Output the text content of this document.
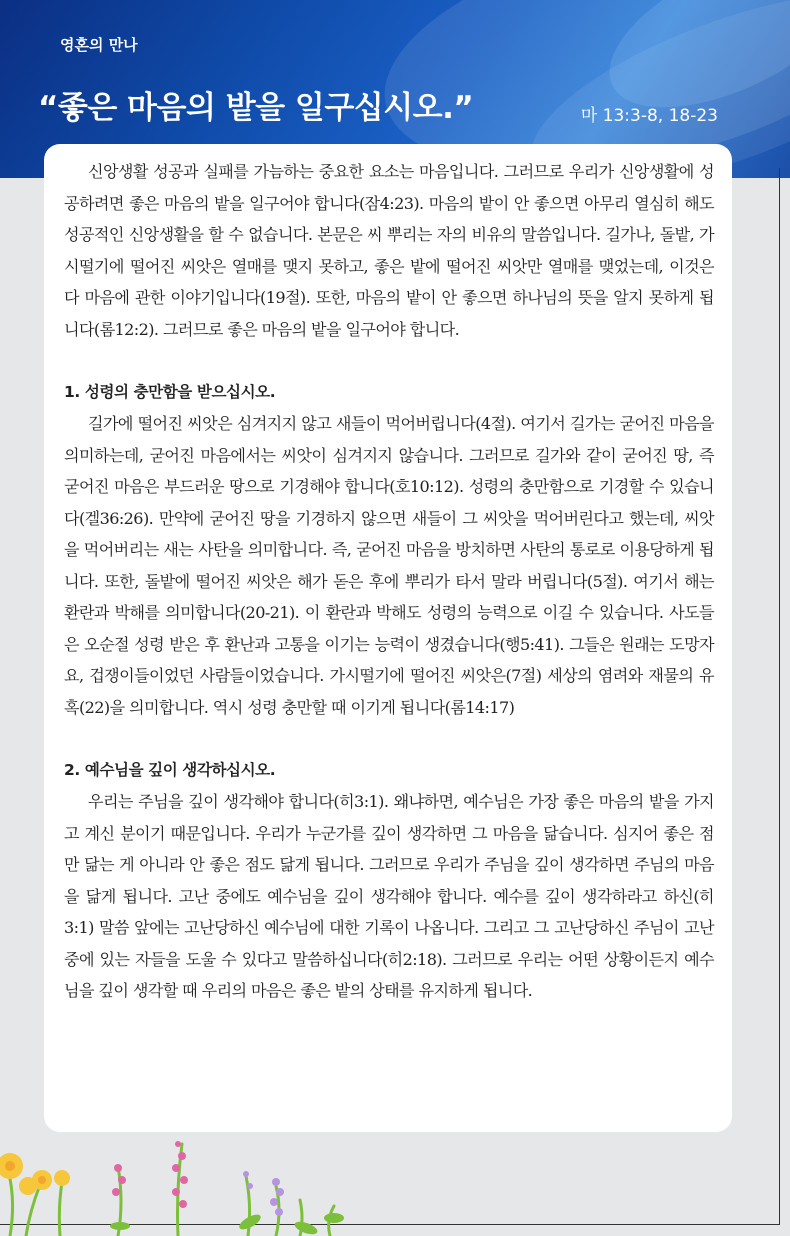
영혼의 만나
“좋은 마음의 밭을 일구십시오.”	마 13:3-8, 18-23

신앙생활 성공과 실패를 가늠하는 중요한 요소는 마음입니다. 그러므로 우리가 신앙생활에 성공하려면 좋은 마음의 밭을 일구어야 합니다(잠4:23). 마음의 밭이 안 좋으면 아무리 열심히 해도 성공적인 신앙생활을 할 수 없습니다. 본문은 씨 뿌리는 자의 비유의 말씀입니다. 길가나, 돌밭, 가시떨기에 떨어진 씨앗은 열매를 맺지 못하고, 좋은 밭에 떨어진 씨앗만 열매를 맺었는데, 이것은 다 마음에 관한 이야기입니다(19절). 또한, 마음의 밭이 안 좋으면 하나님의 뜻을 알지 못하게 됩니다(롬12:2). 그러므로 좋은 마음의 밭을 일구어야 합니다.

1. 성령의 충만함을 받으십시오.

길가에 떨어진 씨앗은 심겨지지 않고 새들이 먹어버립니다(4절). 여기서 길가는 굳어진 마음을 의미하는데, 굳어진 마음에서는 씨앗이 심겨지지 않습니다. 그러므로 길가와 같이 굳어진 땅, 즉 굳어진 마음은 부드러운 땅으로 기경해야 합니다(호10:12). 성령의 충만함으로 기경할 수 있습니다(겔36:26). 만약에 굳어진 땅을 기경하지 않으면 새들이 그 씨앗을 먹어버린다고 했는데, 씨앗을 먹어버리는 새는 사탄을 의미합니다. 즉, 굳어진 마음을 방치하면 사탄의 통로로 이용당하게 됩니다. 또한, 돌밭에 떨어진 씨앗은 해가 돋은 후에 뿌리가 타서 말라 버립니다(5절). 여기서 해는 환란과 박해를 의미합니다(20-21). 이 환란과 박해도 성령의 능력으로 이길 수 있습니다. 사도들은 오순절 성령 받은 후 환난과 고통을 이기는 능력이 생겼습니다(행5:41). 그들은 원래는 도망자요, 겁쟁이들이었던 사람들이었습니다. 가시떨기에 떨어진 씨앗은(7절) 세상의 염려와 재물의 유혹(22)을 의미합니다. 역시 성령 충만할 때 이기게 됩니다(롬14:17)

2. 예수님을 깊이 생각하십시오.

우리는 주님을 깊이 생각해야 합니다(히3:1). 왜냐하면, 예수님은 가장 좋은 마음의 밭을 가지고 계신 분이기 때문입니다. 우리가 누군가를 깊이 생각하면 그 마음을 닮습니다. 심지어 좋은 점만 닮는 게 아니라 안 좋은 점도 닮게 됩니다. 그러므로 우리가 주님을 깊이 생각하면 주님의 마음을 닮게 됩니다. 고난 중에도 예수님을 깊이 생각해야 합니다. 예수를 깊이 생각하라고 하신(히3:1) 말씀 앞에는 고난당하신 예수님에 대한 기록이 나옵니다. 그리고 그 고난당하신 주님이 고난 중에 있는 자들을 도울 수 있다고 말씀하십니다(히2:18). 그러므로 우리는 어떤 상황이든지 예수님을 깊이 생각할 때 우리의 마음은 좋은 밭의 상태를 유지하게 됩니다.
